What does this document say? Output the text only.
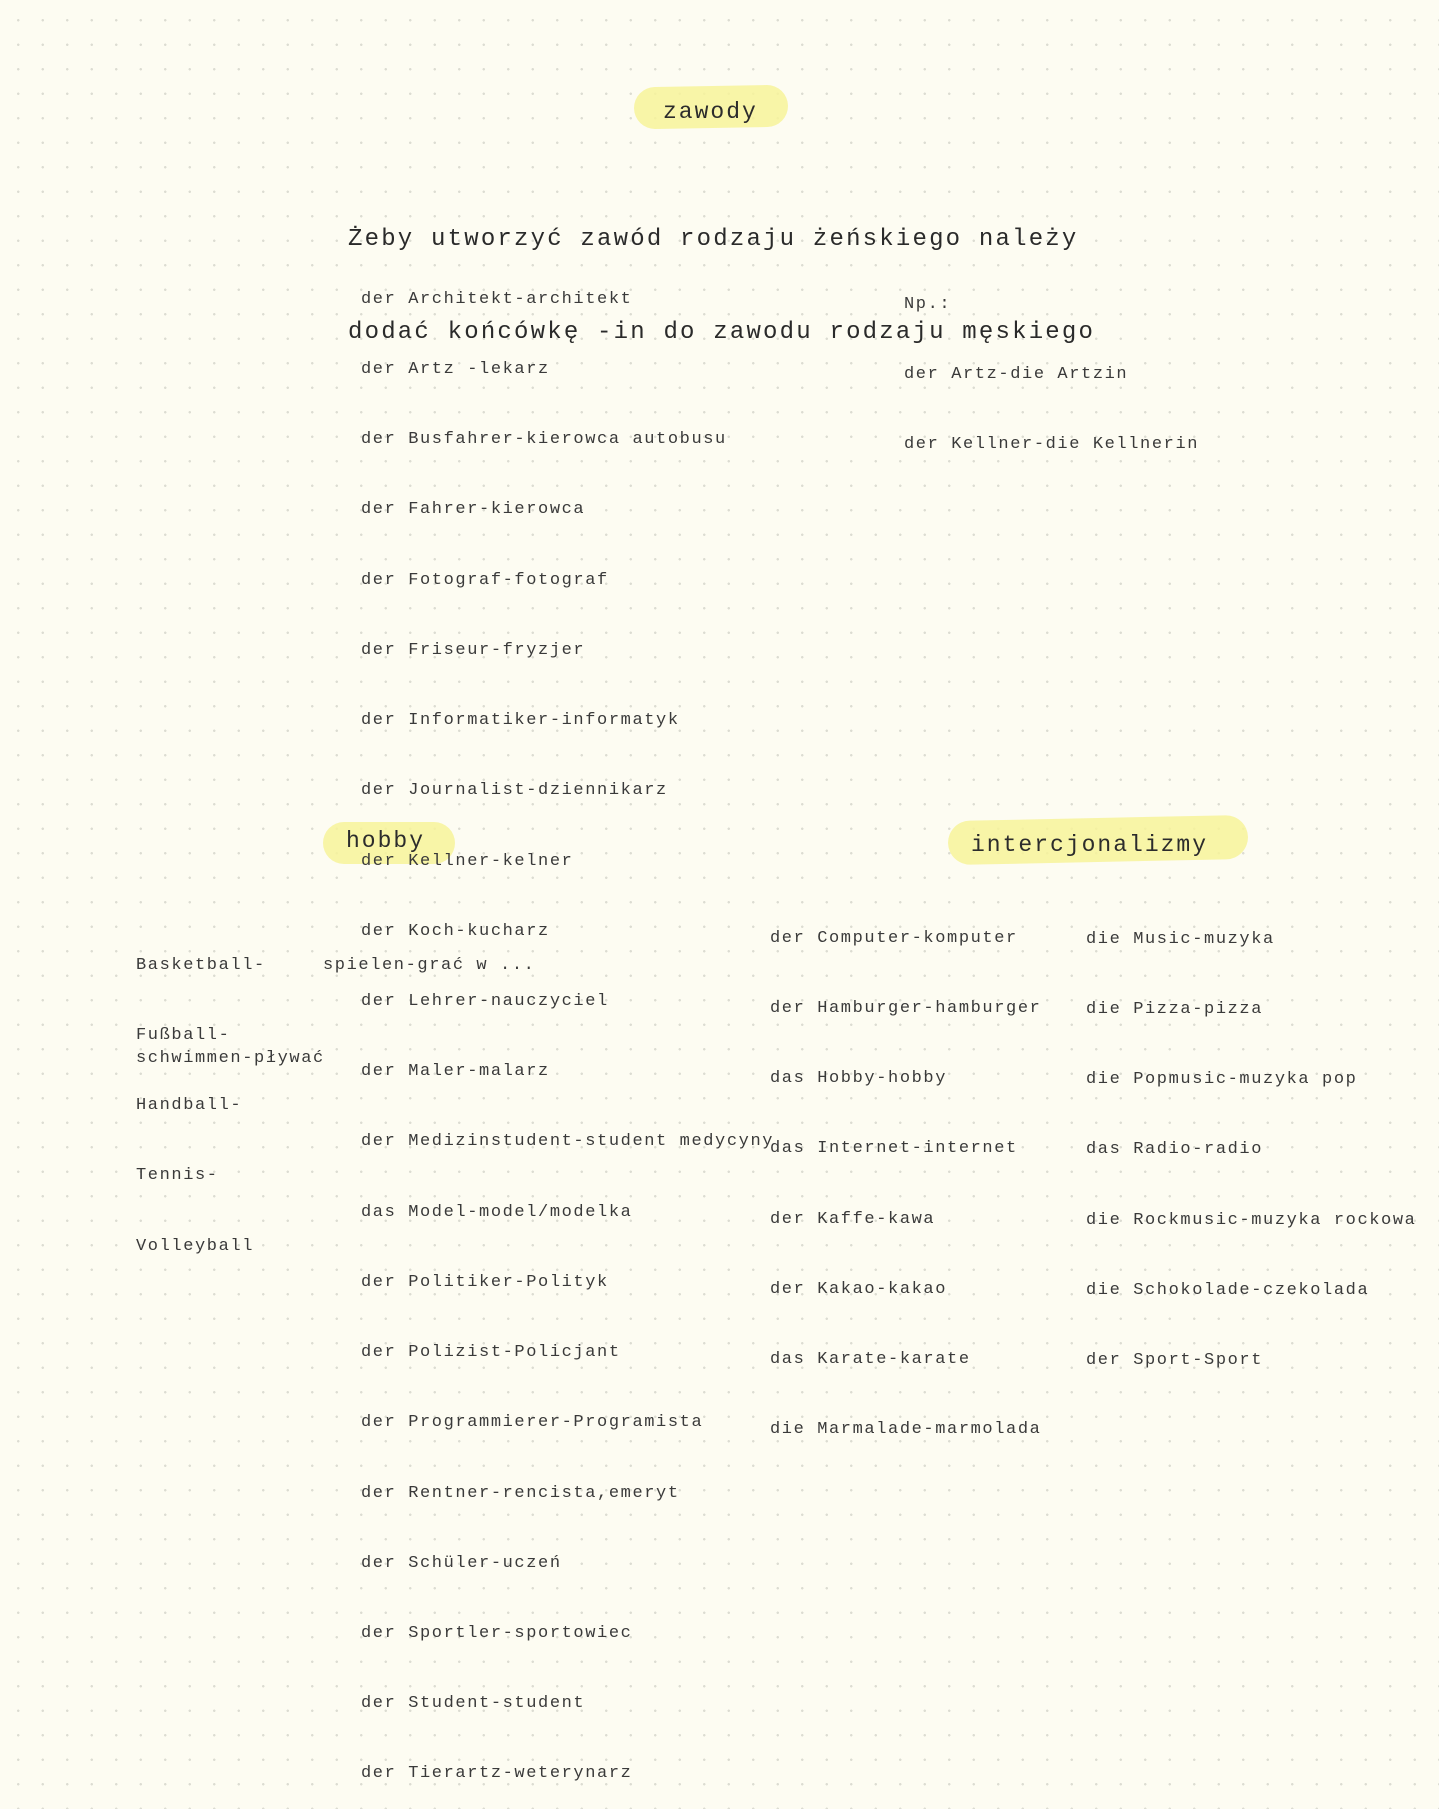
zawody

Żeby utworzyć zawód rodzaju żeńskiego należy

dodać końcówkę -in do zawodu rodzaju męskiego

der Architekt-architekt

der Artz -lekarz

der Busfahrer-kierowca autobusu

der Fahrer-kierowca

der Fotograf-fotograf

der Friseur-fryzjer

der Informatiker-informatyk

der Journalist-dziennikarz

der Kellner-kelner

der Koch-kucharz

der Lehrer-nauczyciel

der Maler-malarz

der Medizinstudent-student medycyny

das Model-model/modelka

der Politiker-Polityk

der Polizist-Policjant

der Programmierer-Programista

der Rentner-rencista,emeryt

der Schüler-uczeń

der Sportler-sportowiec

der Student-student

der Tierartz-weterynarz

Np.:

der Artz-die Artzin

der Kellner-die Kellnerin

hobby

Basketball-

Fußball-

Handball-

Tennis-

Volleyball

spielen-grać w ...
schwimmen-pływać
intercjonalizmy

der Computer-komputer

der Hamburger-hamburger

das Hobby-hobby

das Internet-internet

der Kaffe-kawa

der Kakao-kakao

das Karate-karate

die Marmalade-marmolada

die Music-muzyka

die Pizza-pizza

die Popmusic-muzyka pop

das Radio-radio

die Rockmusic-muzyka rockowa

die Schokolade-czekolada

der Sport-Sport
